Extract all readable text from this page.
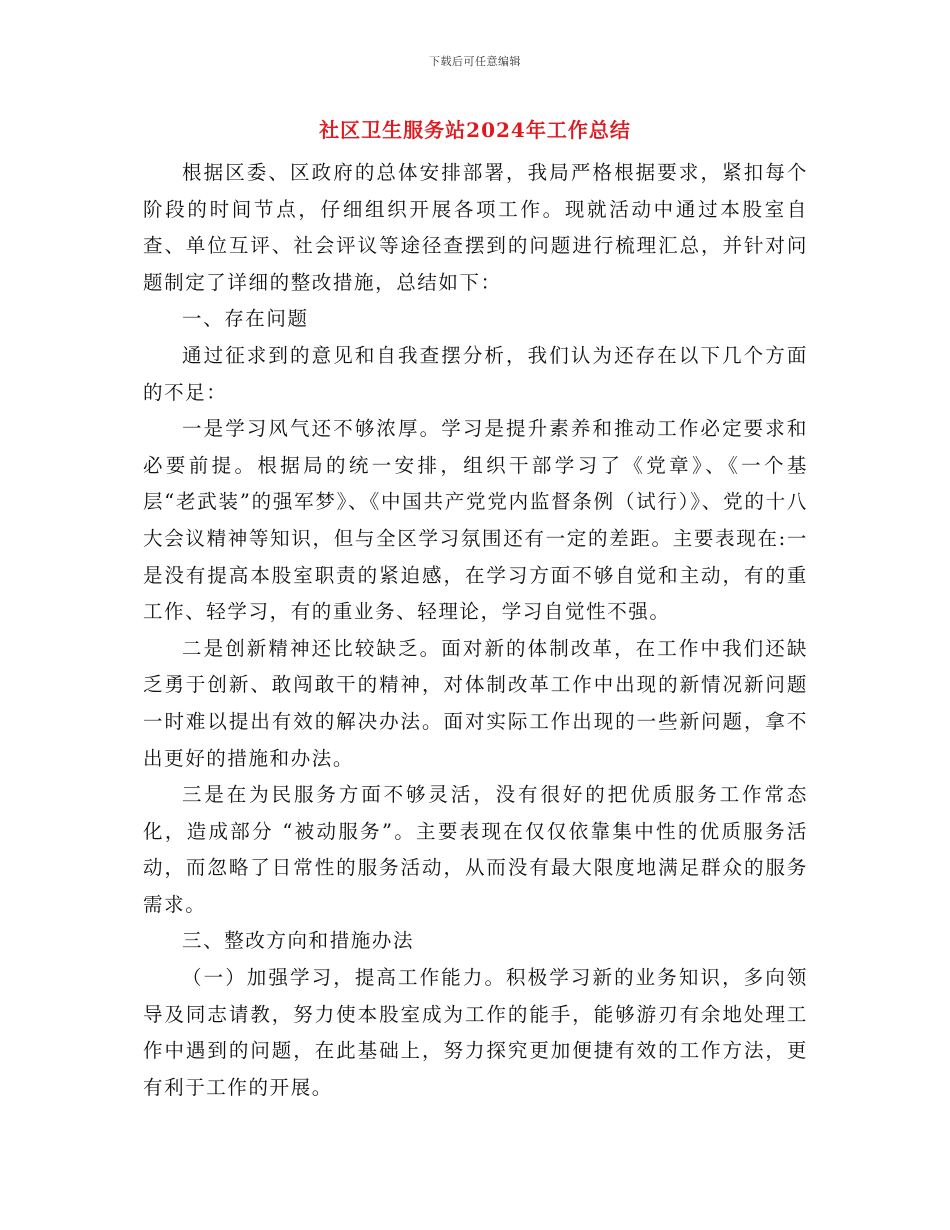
下载后可任意编辑
社区卫生服务站2024年工作总结

根据区委、区政府的总体安排部署，我局严格根据要求，紧扣每个阶段的时间节点，仔细组织开展各项工作。现就活动中通过本股室自查、单位互评、社会评议等途径查摆到的问题进行梳理汇总，并针对问题制定了详细的整改措施，总结如下：

一、存在问题

通过征求到的意见和自我查摆分析，我们认为还存在以下几个方面的不足：

一是学习风气还不够浓厚。学习是提升素养和推动工作必定要求和必要前提。根据局的统一安排，组织干部学习了《党章》、《一个基层“老武装”的强军梦》、《中国共产党党内监督条例（试行）》、党的十八大会议精神等知识，但与全区学习氛围还有一定的差距。主要表现在:一是没有提高本股室职责的紧迫感，在学习方面不够自觉和主动，有的重工作、轻学习，有的重业务、轻理论，学习自觉性不强。

二是创新精神还比较缺乏。面对新的体制改革，在工作中我们还缺乏勇于创新、敢闯敢干的精神，对体制改革工作中出现的新情况新问题一时难以提出有效的解决办法。面对实际工作出现的一些新问题，拿不出更好的措施和办法。

三是在为民服务方面不够灵活，没有很好的把优质服务工作常态化，造成部分 “被动服务”。主要表现在仅仅依靠集中性的优质服务活动，而忽略了日常性的服务活动，从而没有最大限度地满足群众的服务需求。

三、整改方向和措施办法

（一）加强学习，提高工作能力。积极学习新的业务知识，多向领导及同志请教，努力使本股室成为工作的能手，能够游刃有余地处理工作中遇到的问题，在此基础上，努力探究更加便捷有效的工作方法，更有利于工作的开展。
